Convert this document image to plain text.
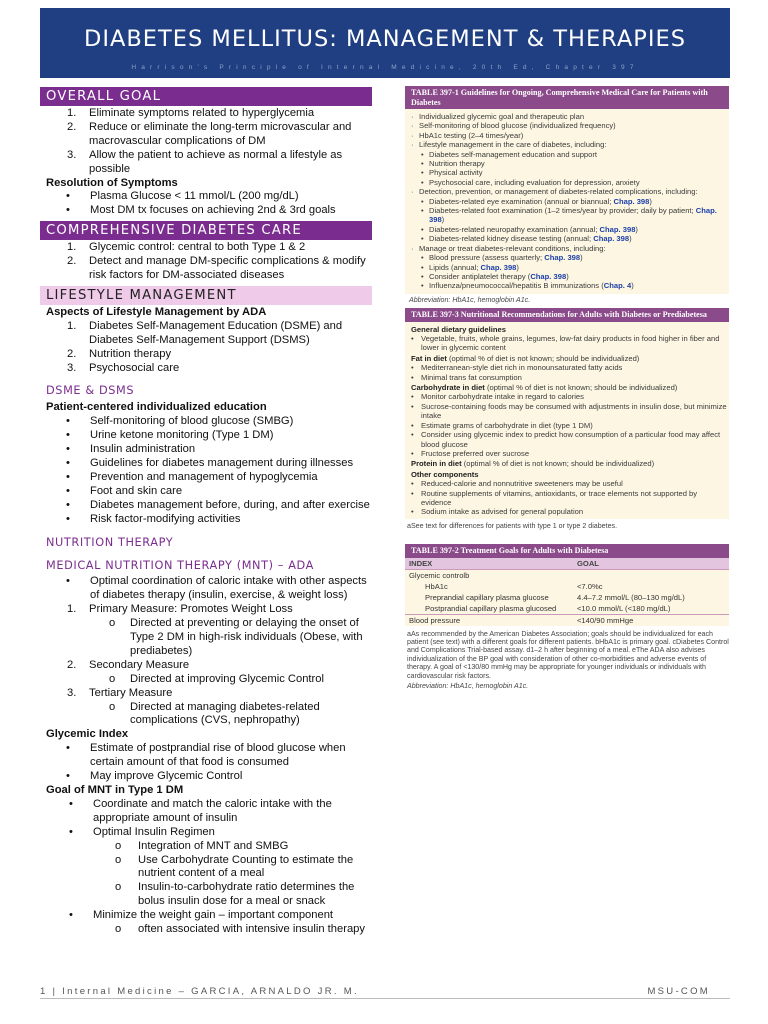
DIABETES MELLITUS: MANAGEMENT & THERAPIES
Harrison's Principle of Internal Medicine, 20th Ed, Chapter 397
OVERALL GOAL
1.	Eliminate symptoms related to hyperglycemia
2.	Reduce or eliminate the long-term microvascular and macrovascular complications of DM
3.	Allow the patient to achieve as normal a lifestyle as possible
Resolution of Symptoms
•	Plasma Glucose < 11 mmol/L (200 mg/dL)
•	Most DM tx focuses on achieving 2nd & 3rd goals
COMPREHENSIVE DIABETES CARE
1.	Glycemic control: central to both Type 1 & 2
2.	Detect and manage DM-specific complications & modify risk factors for DM-associated diseases
LIFESTYLE MANAGEMENT
Aspects of Lifestyle Management by ADA
1.	Diabetes Self-Management Education (DSME) and Diabetes Self-Management Support (DSMS)
2.	Nutrition therapy
3.	Psychosocial care
DSME & DSMS
Patient-centered individualized education
•	Self-monitoring of blood glucose (SMBG)
•	Urine ketone monitoring (Type 1 DM)
•	Insulin administration
•	Guidelines for diabetes management during illnesses
•	Prevention and management of hypoglycemia
•	Foot and skin care
•	Diabetes management before, during, and after exercise
•	Risk factor-modifying activities
NUTRITION THERAPY
MEDICAL NUTRITION THERAPY (MNT) – ADA
•	Optimal coordination of caloric intake with other aspects of diabetes therapy (insulin, exercise, & weight loss)
1.	Primary Measure: Promotes Weight Loss
o	Directed at preventing or delaying the onset of Type 2 DM in high-risk individuals (Obese, with prediabetes)
2.	Secondary Measure
o	Directed at improving Glycemic Control
3.	Tertiary Measure
o	Directed at managing diabetes-related complications (CVS, nephropathy)
Glycemic Index
•	Estimate of postprandial rise of blood glucose when certain amount of that food is consumed
•	May improve Glycemic Control
Goal of MNT in Type 1 DM
•	Coordinate and match the caloric intake with the appropriate amount of insulin
•	Optimal Insulin Regimen
o	Integration of MNT and SMBG
o	Use Carbohydrate Counting to estimate the nutrient content of a meal
o	Insulin-to-carbohydrate ratio determines the bolus insulin dose for a meal or snack
•	Minimize the weight gain – important component
o	often associated with intensive insulin therapy
TABLE 397-1 Guidelines for Ongoing, Comprehensive Medical Care for Patients with Diabetes
· Individualized glycemic goal and therapeutic plan
· Self-monitoring of blood glucose (individualized frequency)
· HbA1c testing (2–4 times/year)
· Lifestyle management in the care of diabetes, including:
• Diabetes self-management education and support
• Nutrition therapy
• Physical activity
• Psychosocial care, including evaluation for depression, anxiety
· Detection, prevention, or management of diabetes-related complications, including:
• Diabetes-related eye examination (annual or biannual; Chap. 398)
• Diabetes-related foot examination (1–2 times/year by provider; daily by patient; Chap. 398)
• Diabetes-related neuropathy examination (annual; Chap. 398)
• Diabetes-related kidney disease testing (annual; Chap. 398)
· Manage or treat diabetes-relevant conditions, including:
• Blood pressure (assess quarterly; Chap. 398)
• Lipids (annual; Chap. 398)
• Consider antiplatelet therapy (Chap. 398)
• Influenza/pneumococcal/hepatitis B immunizations (Chap. 4)
Abbreviation: HbA1c, hemoglobin A1c.
TABLE 397-3 Nutritional Recommendations for Adults with Diabetes or Prediabetesa
General dietary guidelines
• Vegetable, fruits, whole grains, legumes, low-fat dairy products in food higher in fiber and lower in glycemic content
Fat in diet (optimal % of diet is not known; should be individualized)
• Mediterranean-style diet rich in monounsaturated fatty acids
• Minimal trans fat consumption
Carbohydrate in diet (optimal % of diet is not known; should be individualized)
• Monitor carbohydrate intake in regard to calories
• Sucrose-containing foods may be consumed with adjustments in insulin dose, but minimize intake
• Estimate grams of carbohydrate in diet (type 1 DM)
• Consider using glycemic index to predict how consumption of a particular food may affect blood glucose
• Fructose preferred over sucrose
Protein in diet (optimal % of diet is not known; should be individualized)
Other components
• Reduced-calorie and nonnutritive sweeteners may be useful
• Routine supplements of vitamins, antioxidants, or trace elements not supported by evidence
• Sodium intake as advised for general population
aSee text for differences for patients with type 1 or type 2 diabetes.
TABLE 397-2 Treatment Goals for Adults with Diabetesa
INDEX	GOAL
Glycemic controlb	
HbA1c	<7.0%c
Preprandial capillary plasma glucose	4.4–7.2 mmol/L (80–130 mg/dL)
Postprandial capillary plasma glucosed	<10.0 mmol/L (<180 mg/dL)
Blood pressure	<140/90 mmHge
aAs recommended by the American Diabetes Association; goals should be individualized for each patient (see text) with a different goals for different patients. bHbA1c is primary goal. cDiabetes Control and Complications Trial-based assay. d1–2 h after beginning of a meal. eThe ADA also advises individualization of the BP goal with consideration of other co-morbidities and adverse events of therapy. A goal of <130/80 mmHg may be appropriate for younger individuals or individuals with cardiovascular risk factors.
Abbreviation: HbA1c, hemoglobin A1c.
1 | Internal Medicine – GARCIA, ARNALDO JR. M.	MSU-COM
